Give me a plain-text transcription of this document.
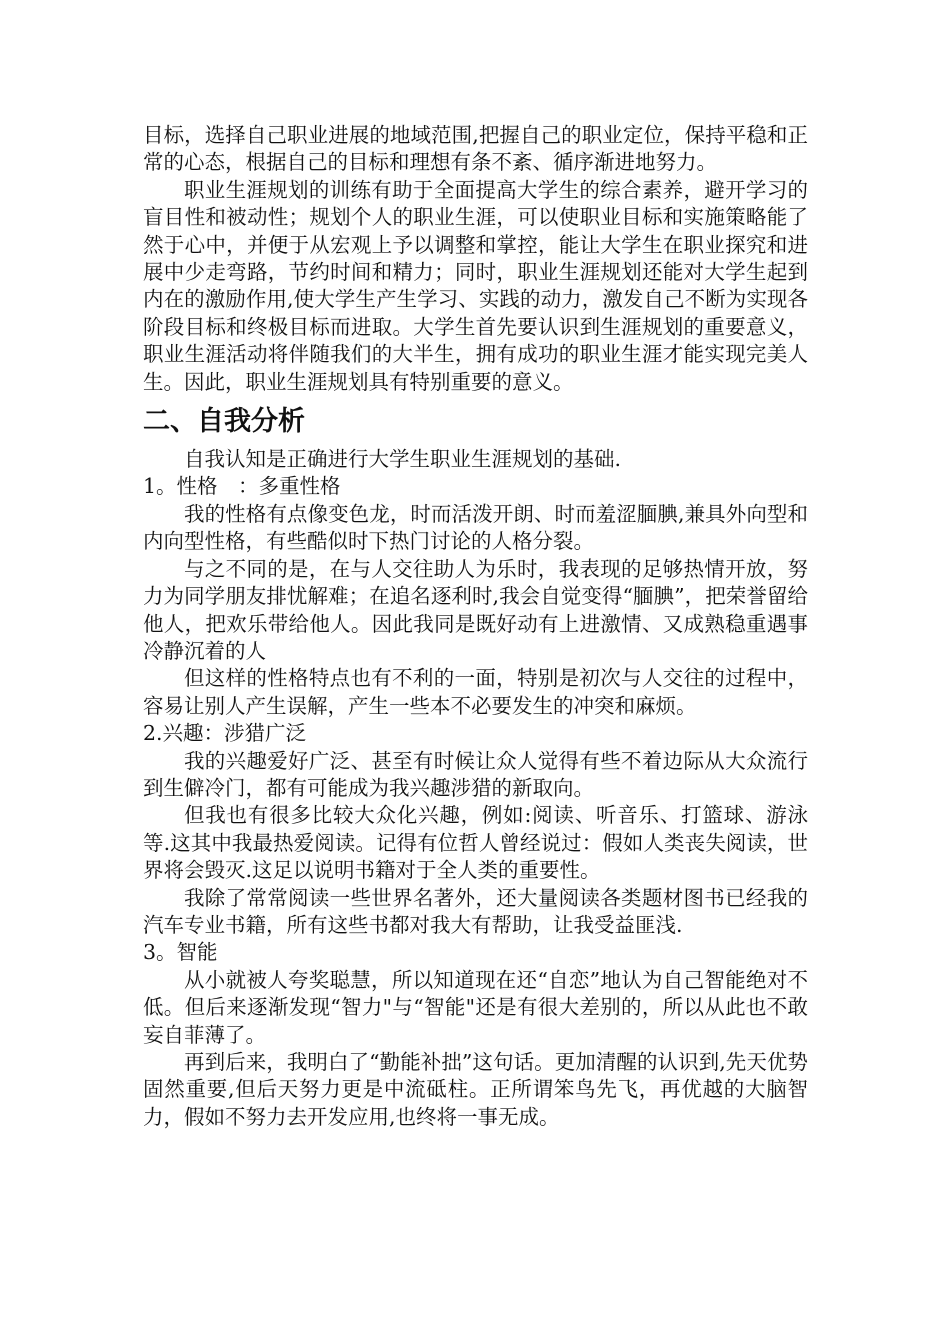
目标，选择自己职业进展的地域范围,把握自己的职业定位，保持平稳和正常的心态，根据自己的目标和理想有条不紊、循序渐进地努力。

职业生涯规划的训练有助于全面提高大学生的综合素养，避开学习的盲目性和被动性；规划个人的职业生涯，可以使职业目标和实施策略能了然于心中，并便于从宏观上予以调整和掌控，能让大学生在职业探究和进展中少走弯路，节约时间和精力；同时，职业生涯规划还能对大学生起到内在的激励作用,使大学生产生学习、实践的动力，激发自己不断为实现各阶段目标和终极目标而进取。大学生首先要认识到生涯规划的重要意义，职业生涯活动将伴随我们的大半生，拥有成功的职业生涯才能实现完美人生。因此，职业生涯规划具有特别重要的意义。

二、自我分析

自我认知是正确进行大学生职业生涯规划的基础.

1。性格　：多重性格

我的性格有点像变色龙，时而活泼开朗、时而羞涩腼腆,兼具外向型和内向型性格，有些酷似时下热门讨论的人格分裂。

与之不同的是，在与人交往助人为乐时，我表现的足够热情开放，努力为同学朋友排忧解难；在追名逐利时,我会自觉变得“腼腆”，把荣誉留给他人，把欢乐带给他人。因此我同是既好动有上进激情、又成熟稳重遇事冷静沉着的人

但这样的性格特点也有不利的一面，特别是初次与人交往的过程中，容易让别人产生误解，产生一些本不必要发生的冲突和麻烦。

2.兴趣：涉猎广泛

我的兴趣爱好广泛、甚至有时候让众人觉得有些不着边际从大众流行到生僻冷门，都有可能成为我兴趣涉猎的新取向。

但我也有很多比较大众化兴趣，例如:阅读、听音乐、打篮球、游泳等.这其中我最热爱阅读。记得有位哲人曾经说过：假如人类丧失阅读，世界将会毁灭.这足以说明书籍对于全人类的重要性。

我除了常常阅读一些世界名著外，还大量阅读各类题材图书已经我的汽车专业书籍，所有这些书都对我大有帮助，让我受益匪浅.

3。智能

从小就被人夸奖聪慧，所以知道现在还“自恋”地认为自己智能绝对不低。但后来逐渐发现“智力"与“智能"还是有很大差别的，所以从此也不敢妄自菲薄了。

再到后来，我明白了“勤能补拙”这句话。更加清醒的认识到,先天优势固然重要,但后天努力更是中流砥柱。正所谓笨鸟先飞，再优越的大脑智力，假如不努力去开发应用,也终将一事无成。
